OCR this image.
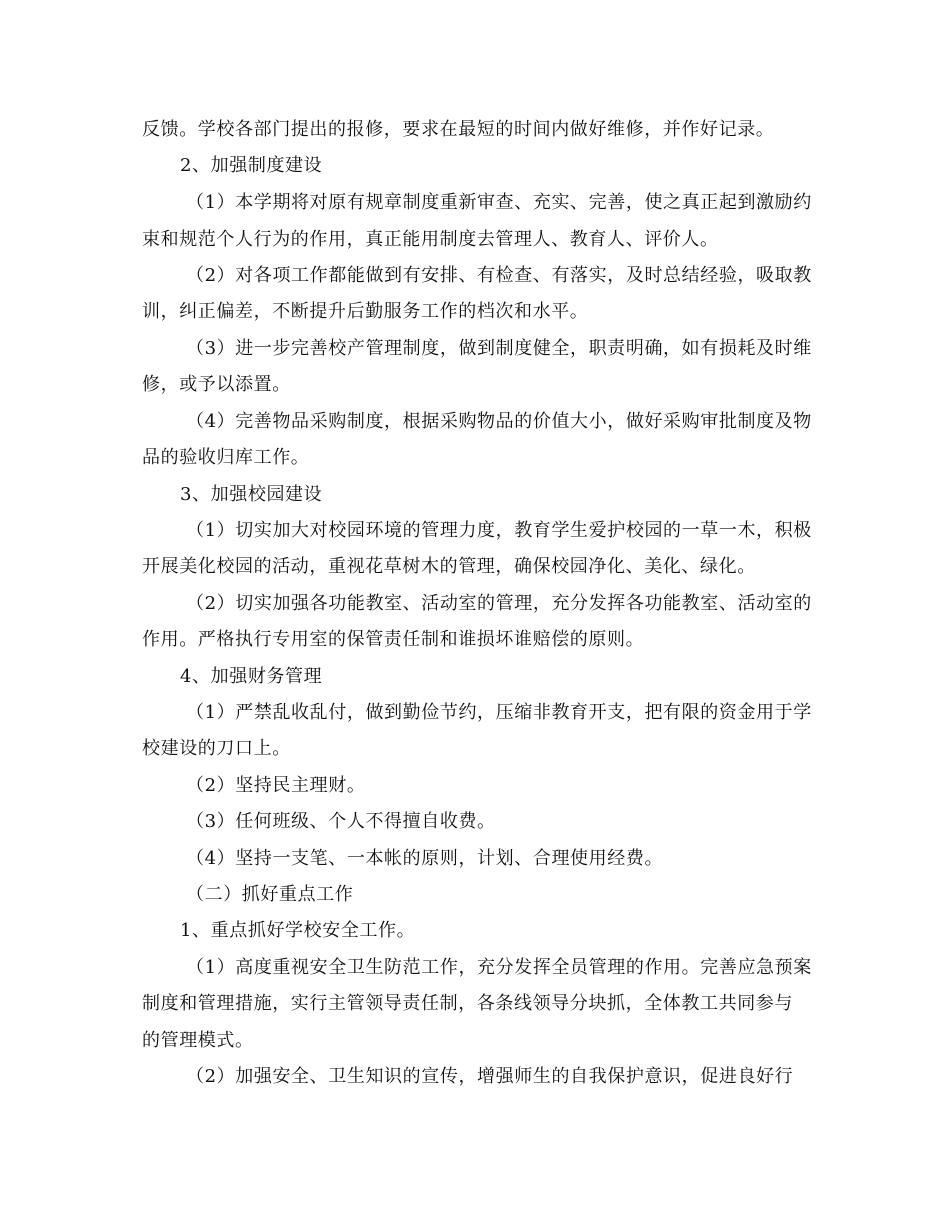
反馈。学校各部门提出的报修，要求在最短的时间内做好维修，并作好记录。
2、加强制度建设
（1）本学期将对原有规章制度重新审查、充实、完善，使之真正起到激励约
束和规范个人行为的作用，真正能用制度去管理人、教育人、评价人。
（2）对各项工作都能做到有安排、有检查、有落实，及时总结经验，吸取教
训，纠正偏差，不断提升后勤服务工作的档次和水平。
（3）进一步完善校产管理制度，做到制度健全，职责明确，如有损耗及时维
修，或予以添置。
（4）完善物品采购制度，根据采购物品的价值大小，做好采购审批制度及物
品的验收归库工作。
3、加强校园建设
（1）切实加大对校园环境的管理力度，教育学生爱护校园的一草一木，积极
开展美化校园的活动，重视花草树木的管理，确保校园净化、美化、绿化。
（2）切实加强各功能教室、活动室的管理，充分发挥各功能教室、活动室的
作用。严格执行专用室的保管责任制和谁损坏谁赔偿的原则。
4、加强财务管理
（1）严禁乱收乱付，做到勤俭节约，压缩非教育开支，把有限的资金用于学
校建设的刀口上。
（2）坚持民主理财。
（3）任何班级、个人不得擅自收费。
（4）坚持一支笔、一本帐的原则，计划、合理使用经费。
（二）抓好重点工作
1、重点抓好学校安全工作。
（1）高度重视安全卫生防范工作，充分发挥全员管理的作用。完善应急预案
制度和管理措施，实行主管领导责任制，各条线领导分块抓，全体教工共同参与
的管理模式。
（2）加强安全、卫生知识的宣传，增强师生的自我保护意识，促进良好行
